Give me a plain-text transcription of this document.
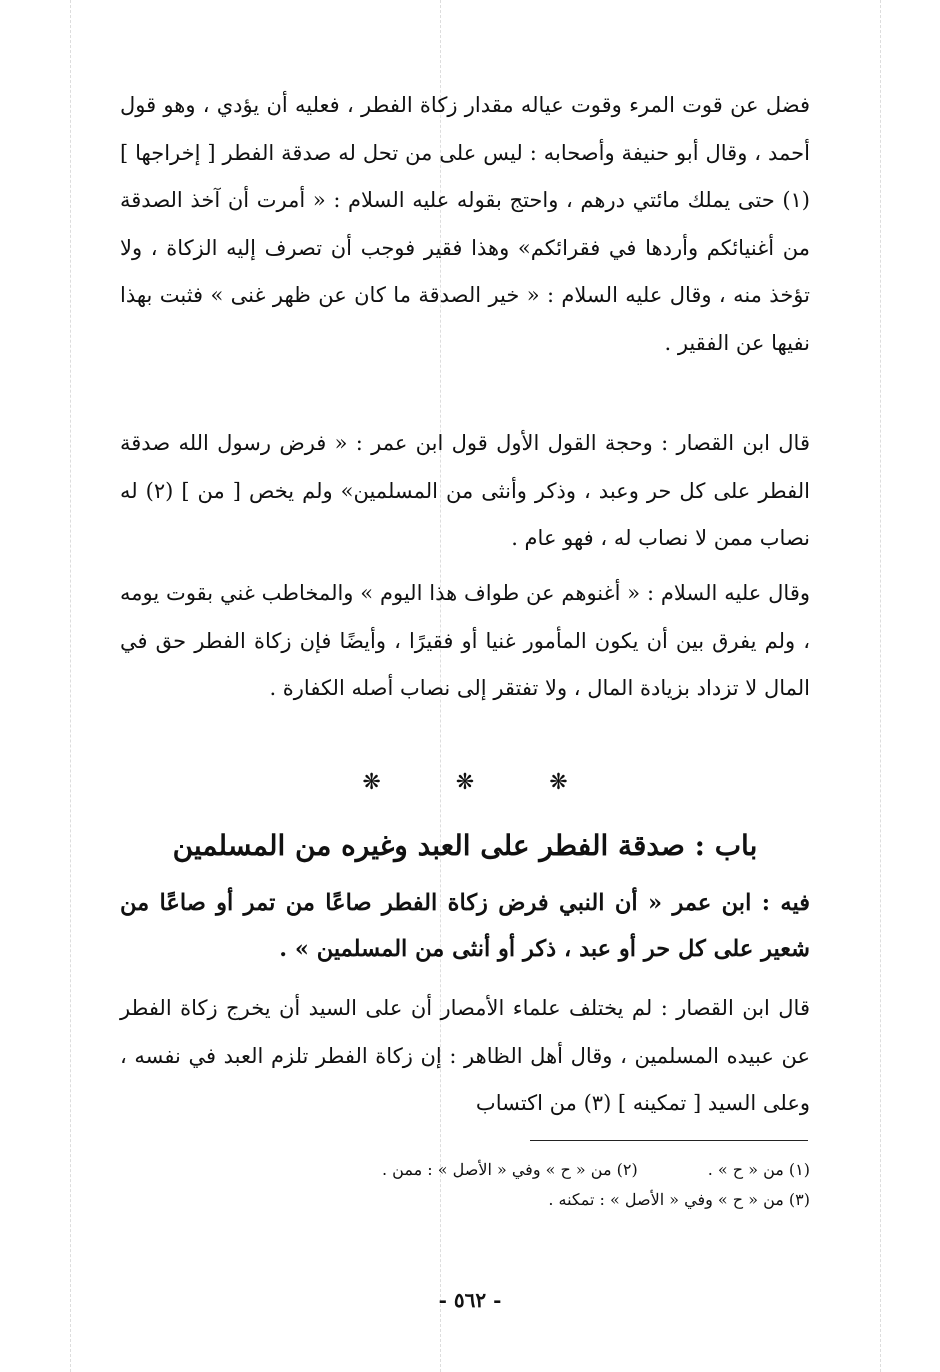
فضل عن قوت المرء وقوت عياله مقدار زكاة الفطر ، فعليه أن يؤدي ، وهو قول أحمد ، وقال أبو حنيفة وأصحابه : ليس على من تحل له صدقة الفطر [ إخراجها ] (١) حتى يملك مائتي درهم ، واحتج بقوله عليه السلام : « أمرت أن آخذ الصدقة من أغنيائكم وأردها في فقرائكم» وهذا فقير فوجب أن تصرف إليه الزكاة ، ولا تؤخذ منه ، وقال عليه السلام : « خير الصدقة ما كان عن ظهر غنى » فثبت بهذا نفيها عن الفقير .

قال ابن القصار : وحجة القول الأول قول ابن عمر : « فرض رسول الله صدقة الفطر على كل حر وعبد ، وذكر وأنثى من المسلمين» ولم يخص [ من ] (٢) له نصاب ممن لا نصاب له ، فهو عام .

وقال عليه السلام : « أغنوهم عن طواف هذا اليوم » والمخاطب غني بقوت يومه ، ولم يفرق بين أن يكون المأمور غنيا أو فقيرًا ، وأيضًا فإن زكاة الفطر حق في المال لا تزداد بزيادة المال ، ولا تفتقر إلى نصاب أصله الكفارة .

❋	❋	❋
باب : صدقة الفطر على العبد وغيره من المسلمين

فيه : ابن عمر « أن النبي فرض زكاة الفطر صاعًا من تمر أو صاعًا من شعير على كل حر أو عبد ، ذكر أو أنثى من المسلمين » .

قال ابن القصار : لم يختلف علماء الأمصار أن على السيد أن يخرج زكاة الفطر عن عبيده المسلمين ، وقال أهل الظاهر : إن زكاة الفطر تلزم العبد في نفسه ، وعلى السيد [ تمكينه ] (٣) من اكتساب

(١) من « ح » .
(٢) من « ح » وفي « الأصل » : ممن .
(٣) من « ح » وفي « الأصل » : تمكنه .
- ٥٦٢ -
